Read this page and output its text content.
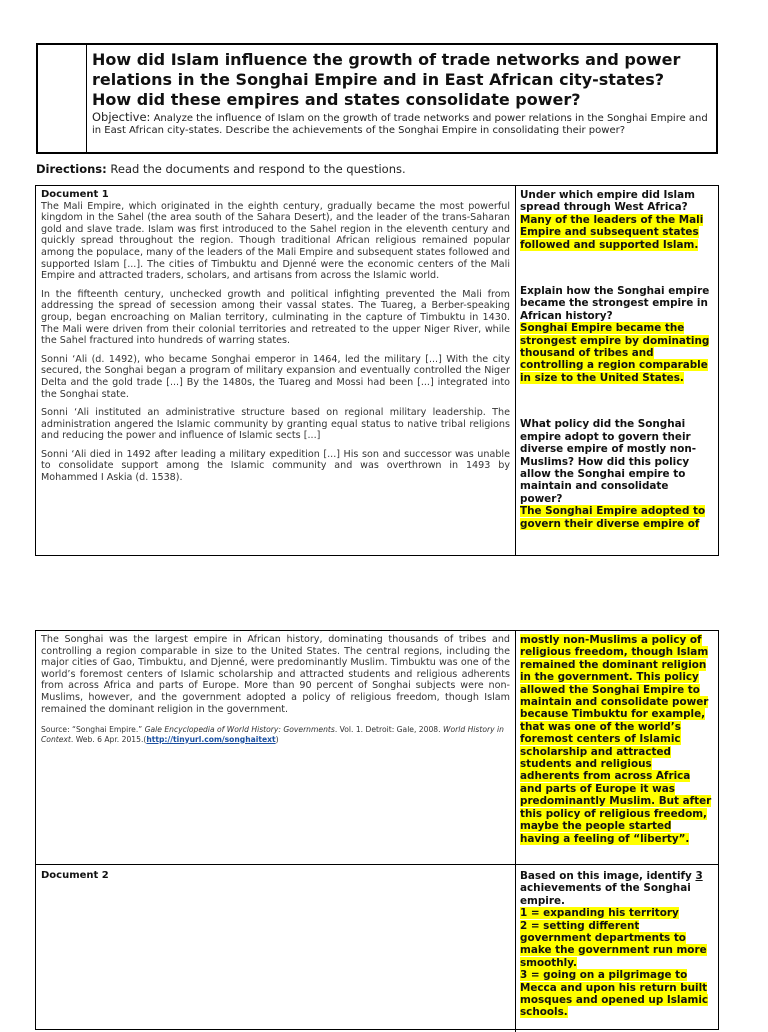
How did Islam influence the growth of trade networks and power relations in the Songhai Empire and in East African city-states? How did these empires and states consolidate power?

Objective: Analyze the influence of Islam on the growth of trade networks and power relations in the Songhai Empire and in East African city-states. Describe the achievements of the Songhai Empire in consolidating their power?
Directions: Read the documents and respond to the questions.
Document 1

The Mali Empire, which originated in the eighth century, gradually became the most powerful kingdom in the Sahel (the area south of the Sahara Desert), and the leader of the trans-Saharan gold and slave trade. Islam was first introduced to the Sahel region in the eleventh century and quickly spread throughout the region. Though traditional African religious remained popular among the populace, many of the leaders of the Mali Empire and subsequent states followed and supported Islam [...]. The cities of Timbuktu and Djenné were the economic centers of the Mali Empire and attracted traders, scholars, and artisans from across the Islamic world.

In the fifteenth century, unchecked growth and political infighting prevented the Mali from addressing the spread of secession among their vassal states. The Tuareg, a Berber-speaking group, began encroaching on Malian territory, culminating in the capture of Timbuktu in 1430. The Mali were driven from their colonial territories and retreated to the upper Niger River, while the Sahel fractured into hundreds of warring states.

Sonni ‘Ali (d. 1492), who became Songhai emperor in 1464, led the military [...] With the city secured, the Songhai began a program of military expansion and eventually controlled the Niger Delta and the gold trade [...] By the 1480s, the Tuareg and Mossi had been [...] integrated into the Songhai state.

Sonni ‘Ali instituted an administrative structure based on regional military leadership. The administration angered the Islamic community by granting equal status to native tribal religions and reducing the power and influence of Islamic sects [...]

Sonni ‘Ali died in 1492 after leading a military expedition [...] His son and successor was unable to consolidate support among the Islamic community and was overthrown in 1493 by Mohammed I Askia (d. 1538).

Under which empire did Islam spread through West Africa?

Many of the leaders of the Mali Empire and subsequent states followed and supported Islam.

Explain how the Songhai empire became the strongest empire in African history?

Songhai Empire became the strongest empire by dominating thousand of tribes and controlling a region comparable in size to the United States.

What policy did the Songhai empire adopt to govern their diverse empire of mostly non-Muslims? How did this policy allow the Songhai empire to maintain and consolidate power?

The Songhai Empire adopted to govern their diverse empire of

The Songhai was the largest empire in African history, dominating thousands of tribes and controlling a region comparable in size to the United States. The central regions, including the major cities of Gao, Timbuktu, and Djenné, were predominantly Muslim. Timbuktu was one of the world’s foremost centers of Islamic scholarship and attracted students and religious adherents from across Africa and parts of Europe. More than 90 percent of Songhai subjects were non-Muslims, however, and the government adopted a policy of religious freedom, though Islam remained the dominant religion in the government.

Source: “Songhai Empire.” Gale Encyclopedia of World History: Governments. Vol. 1. Detroit: Gale, 2008. World History in Context. Web. 6 Apr. 2015.(http://tinyurl.com/songhaitext)
mostly non-Muslims a policy of religious freedom, though Islam remained the dominant religion in the government. This policy allowed the Songhai Empire to maintain and consolidate power because Timbuktu for example, that was one of the world’s foremost centers of Islamic scholarship and attracted students and religious adherents from across Africa and parts of Europe it was predominantly Muslim. But after this policy of religious freedom, maybe the people started having a feeling of “liberty”.
Document 2	Based on this image, identify 3 achievements of the Songhai empire.

1 = expanding his territory

2 = setting different government departments to make the government run more smoothly.

3 = going on a pilgrimage to Mecca and upon his return built mosques and opened up Islamic schools.
